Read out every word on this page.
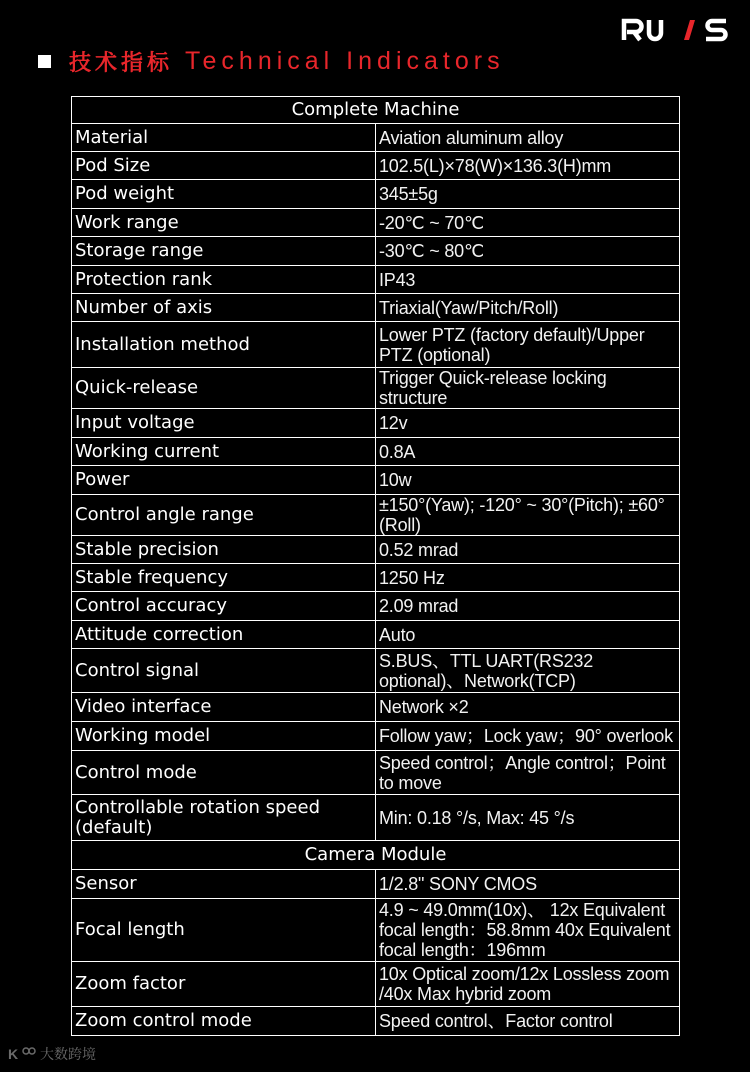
技术指标 Technical Indicators
Complete Machine	
Material	Aviation aluminum alloy
Pod Size	102.5(L)×78(W)×136.3(H)mm
Pod weight	345±5g
Work range	-20℃ ~ 70℃
Storage range	-30℃ ~ 80℃
Protection rank	IP43
Number of axis	Triaxial(Yaw/Pitch/Roll)
Installation method	Lower PTZ (factory default)/Upper PTZ (optional)
Quick-release	Trigger Quick-release locking structure
Input voltage	12v
Working current	0.8A
Power	10w
Control angle range	±150°(Yaw); -120° ~ 30°(Pitch); ±60°(Roll)
Stable precision	0.52 mrad
Stable frequency	1250 Hz
Control accuracy	2.09 mrad
Attitude correction	Auto
Control signal	S.BUS、TTL UART(RS232 optional)、Network(TCP)
Video interface	Network ×2
Working model	Follow yaw；Lock yaw；90° overlook
Control mode	Speed control；Angle control；Point to move
Controllable rotation speed (default)	Min: 0.18 °/s, Max: 45 °/s
Camera Module	
Sensor	1/2.8" SONY CMOS
Focal length	4.9 ~ 49.0mm(10x)、 12x Equivalent focal length：58.8mm 40x Equivalent focal length：196mm
Zoom factor	10x Optical zoom/12x Lossless zoom /40x Max hybrid zoom
Zoom control mode	Speed control、Factor control
K 大数跨境
